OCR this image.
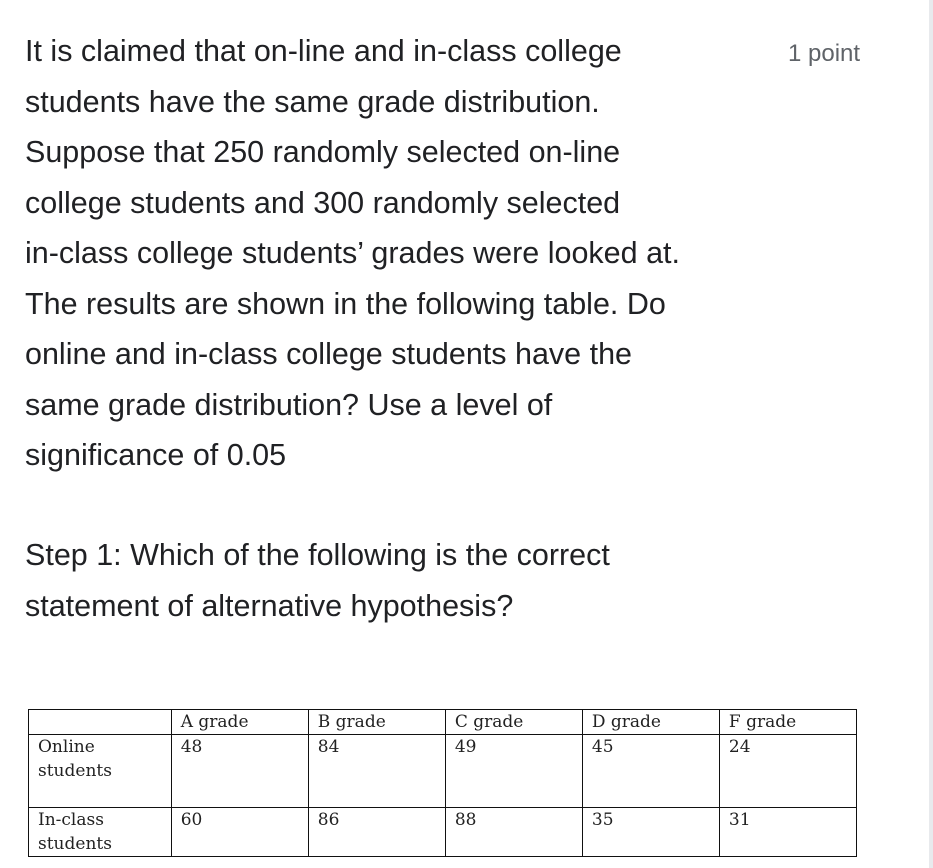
1 point
It is claimed that on-line and in-class college
students have the same grade distribution.
Suppose that 250 randomly selected on-line
college students and 300 randomly selected
in-class college students’ grades were looked at.
The results are shown in the following table. Do
online and in-class college students have the
same grade distribution? Use a level of
significance of 0.05
Step 1: Which of the following is the correct
statement of alternative hypothesis?
	A grade	B grade	C grade	D grade	F grade
Online
students	48	84	49	45	24
In-class
students	60	86	88	35	31
